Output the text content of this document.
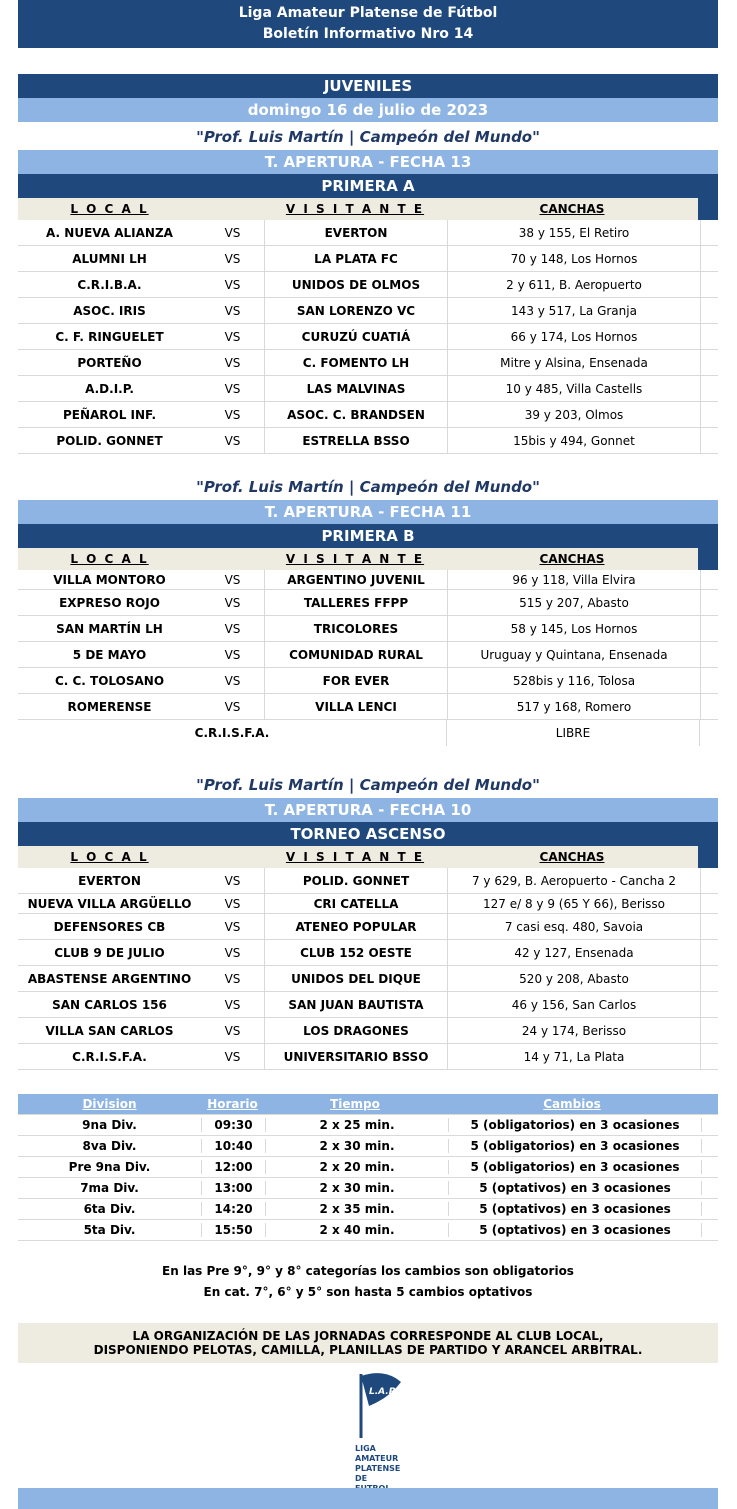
Liga Amateur Platense de Fútbol
Boletín Informativo Nro 14
JUVENILES
domingo 16 de julio de 2023
"Prof. Luis Martín | Campeón del Mundo"
T. APERTURA - FECHA 13
PRIMERA A
L O C A L	V I S I T A N T E	CANCHAS
A. NUEVA ALIANZA	VS	EVERTON	38 y 155, El Retiro
ALUMNI LH	VS	LA PLATA FC	70 y 148, Los Hornos
C.R.I.B.A.	VS	UNIDOS DE OLMOS	2 y 611, B. Aeropuerto
ASOC. IRIS	VS	SAN LORENZO VC	143 y 517, La Granja
C. F. RINGUELET	VS	CURUZÚ CUATIÁ	66 y 174, Los Hornos
PORTEÑO	VS	C. FOMENTO LH	Mitre y Alsina, Ensenada
A.D.I.P.	VS	LAS MALVINAS	10 y 485, Villa Castells
PEÑAROL INF.	VS	ASOC. C. BRANDSEN	39 y 203, Olmos
POLID. GONNET	VS	ESTRELLA BSSO	15bis y 494, Gonnet
"Prof. Luis Martín | Campeón del Mundo"
T. APERTURA - FECHA 11
PRIMERA B
L O C A L	V I S I T A N T E	CANCHAS
VILLA MONTORO	VS	ARGENTINO JUVENIL	96 y 118, Villa Elvira
EXPRESO ROJO	VS	TALLERES FFPP	515 y 207, Abasto
SAN MARTÍN LH	VS	TRICOLORES	58 y 145, Los Hornos
5 DE MAYO	VS	COMUNIDAD RURAL	Uruguay y Quintana, Ensenada
C. C. TOLOSANO	VS	FOR EVER	528bis y 116, Tolosa
ROMERENSE	VS	VILLA LENCI	517 y 168, Romero
C.R.I.S.F.A.	LIBRE
"Prof. Luis Martín | Campeón del Mundo"
T. APERTURA - FECHA 10
TORNEO ASCENSO
L O C A L	V I S I T A N T E	CANCHAS
EVERTON	VS	POLID. GONNET	7 y 629, B. Aeropuerto - Cancha 2
NUEVA VILLA ARGÜELLO	VS	CRI CATELLA	127 e/ 8 y 9 (65 Y 66), Berisso
DEFENSORES CB	VS	ATENEO POPULAR	7 casi esq. 480, Savoia
CLUB 9 DE JULIO	VS	CLUB 152 OESTE	42 y 127, Ensenada
ABASTENSE ARGENTINO	VS	UNIDOS DEL DIQUE	520 y 208, Abasto
SAN CARLOS 156	VS	SAN JUAN BAUTISTA	46 y 156, San Carlos
VILLA SAN CARLOS	VS	LOS DRAGONES	24 y 174, Berisso
C.R.I.S.F.A.	VS	UNIVERSITARIO BSSO	14 y 71, La Plata
Division	Horario	Tiempo	Cambios
9na Div.	09:30	2 x 25 min.	5 (obligatorios) en 3 ocasiones
8va Div.	10:40	2 x 30 min.	5 (obligatorios) en 3 ocasiones
Pre 9na Div.	12:00	2 x 20 min.	5 (obligatorios) en 3 ocasiones
7ma Div.	13:00	2 x 30 min.	5 (optativos) en 3 ocasiones
6ta Div.	14:20	2 x 35 min.	5 (optativos) en 3 ocasiones
5ta Div.	15:50	2 x 40 min.	5 (optativos) en 3 ocasiones
En las Pre 9°, 9° y 8° categorías los cambios son obligatorios
En cat. 7°, 6° y 5° son hasta 5 cambios optativos
LA ORGANIZACIÓN DE LAS JORNADAS CORRESPONDE AL CLUB LOCAL,
DISPONIENDO PELOTAS, CAMILLA, PLANILLAS DE PARTIDO Y ARANCEL ARBITRAL.
L.A.P.
LIGA
AMATEUR
PLATENSE
DE
